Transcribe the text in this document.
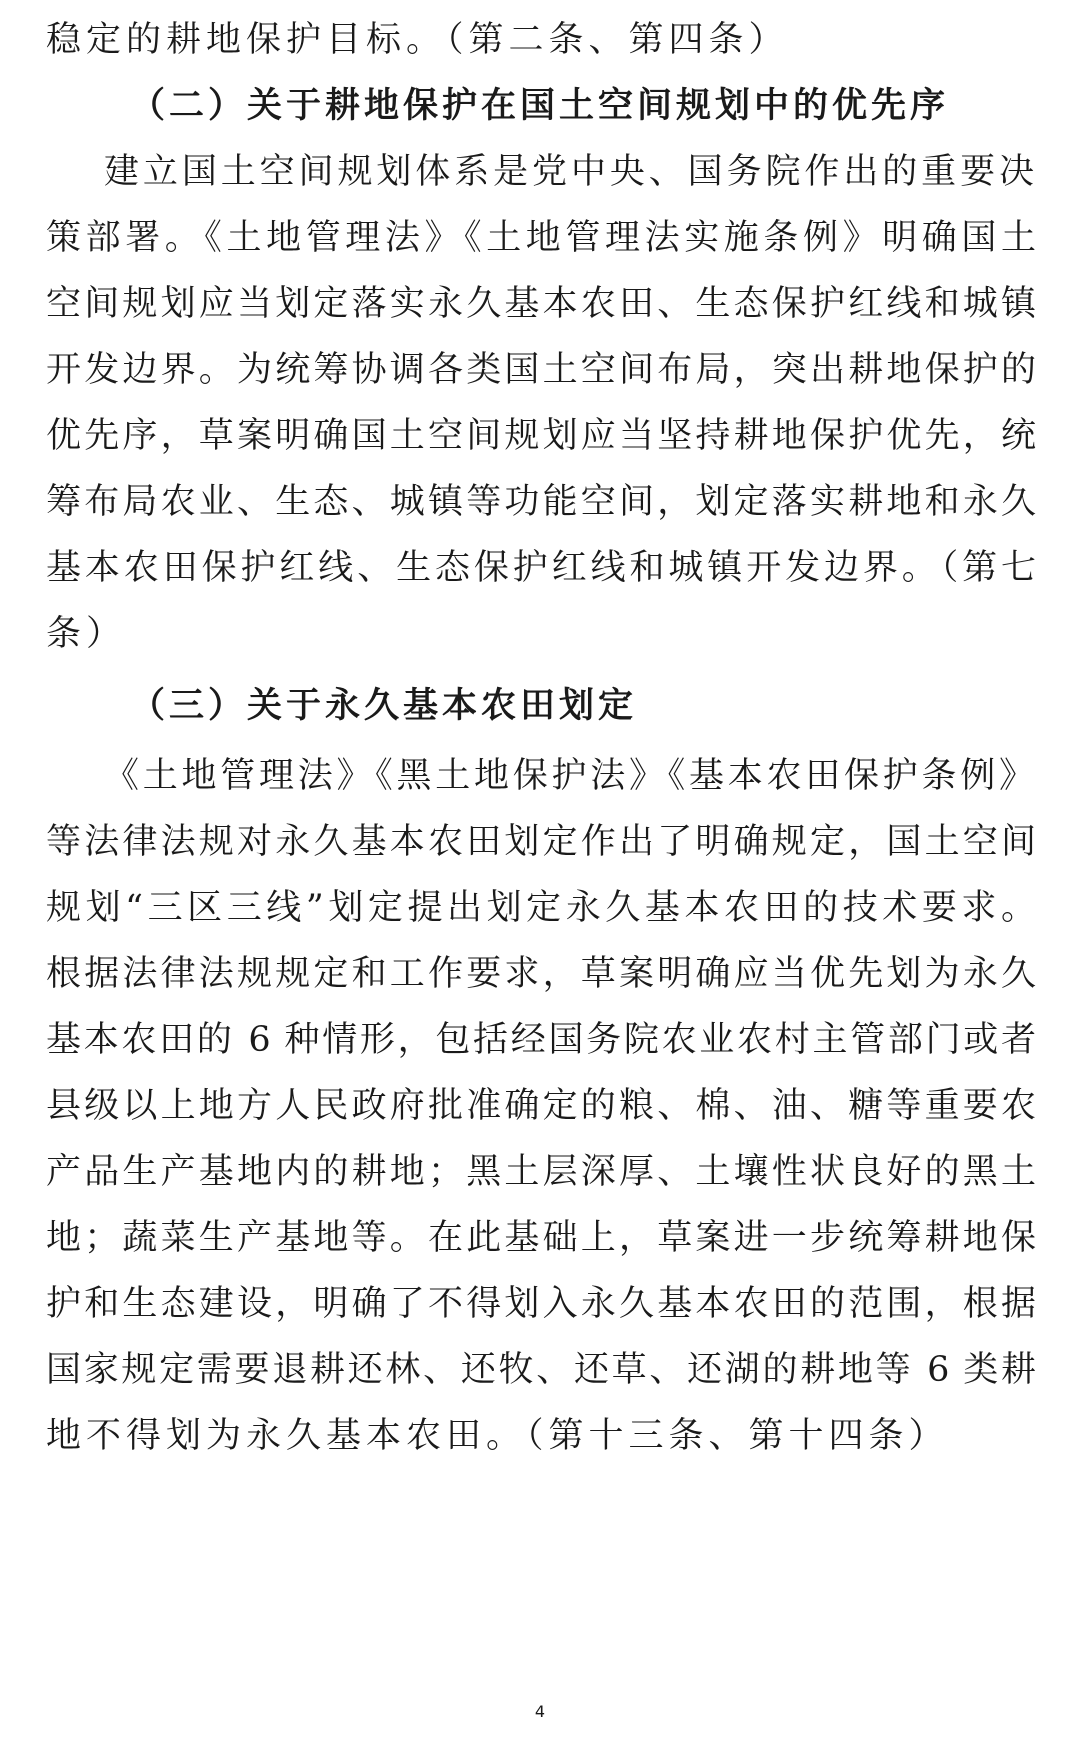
稳定的耕地保护目标。（第二条、第四条）
（二）关于耕地保护在国土空间规划中的优先序
建立国土空间规划体系是党中央、国务院作出的重要决
策部署。《土地管理法》《土地管理法实施条例》明确国土
空间规划应当划定落实永久基本农田、生态保护红线和城镇
开发边界。为统筹协调各类国土空间布局，突出耕地保护的
优先序，草案明确国土空间规划应当坚持耕地保护优先，统
筹布局农业、生态、城镇等功能空间，划定落实耕地和永久
基本农田保护红线、生态保护红线和城镇开发边界。（第七
条）
（三）关于永久基本农田划定
《土地管理法》《黑土地保护法》《基本农田保护条例》
等法律法规对永久基本农田划定作出了明确规定，国土空间
规划“三区三线”划定提出划定永久基本农田的技术要求。
根据法律法规规定和工作要求，草案明确应当优先划为永久
基本农田的 6 种情形，包括经国务院农业农村主管部门或者
县级以上地方人民政府批准确定的粮、棉、油、糖等重要农
产品生产基地内的耕地；黑土层深厚、土壤性状良好的黑土
地；蔬菜生产基地等。在此基础上，草案进一步统筹耕地保
护和生态建设，明确了不得划入永久基本农田的范围，根据
国家规定需要退耕还林、还牧、还草、还湖的耕地等 6 类耕
地不得划为永久基本农田。（第十三条、第十四条）
4
